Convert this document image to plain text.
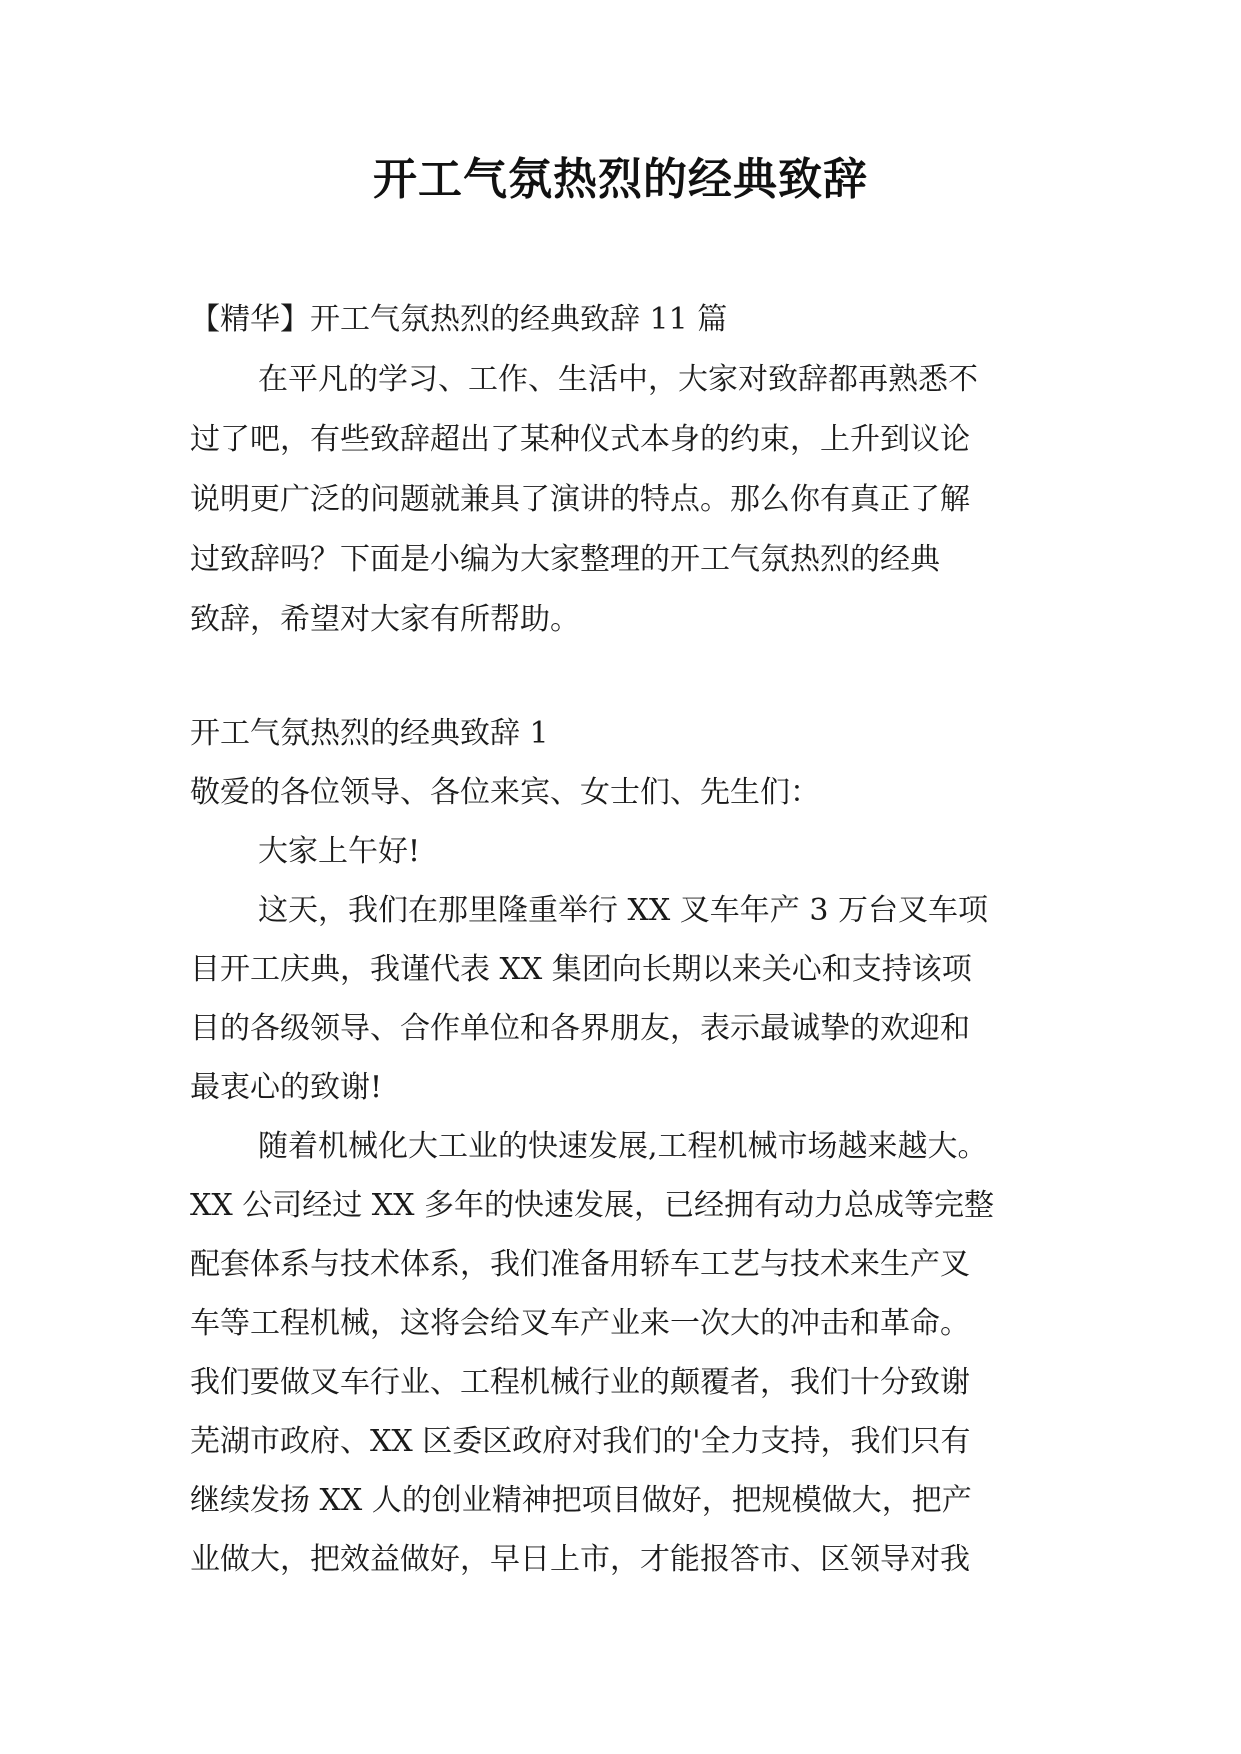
开工气氛热烈的经典致辞
【精华】开工气氛热烈的经典致辞 11 篇
在平凡的学习、工作、生活中，大家对致辞都再熟悉不
过了吧，有些致辞超出了某种仪式本身的约束，上升到议论
说明更广泛的问题就兼具了演讲的特点。那么你有真正了解
过致辞吗？下面是小编为大家整理的开工气氛热烈的经典
致辞，希望对大家有所帮助。
开工气氛热烈的经典致辞 1
敬爱的各位领导、各位来宾、女士们、先生们：
大家上午好!
这天，我们在那里隆重举行 XX 叉车年产 3 万台叉车项
目开工庆典，我谨代表 XX 集团向长期以来关心和支持该项
目的各级领导、合作单位和各界朋友，表示最诚挚的欢迎和
最衷心的致谢!
随着机械化大工业的快速发展,工程机械市场越来越大。
XX 公司经过 XX 多年的快速发展，已经拥有动力总成等完整
配套体系与技术体系，我们准备用轿车工艺与技术来生产叉
车等工程机械，这将会给叉车产业来一次大的冲击和革命。
我们要做叉车行业、工程机械行业的颠覆者，我们十分致谢
芜湖市政府、XX 区委区政府对我们的'全力支持，我们只有
继续发扬 XX 人的创业精神把项目做好，把规模做大，把产
业做大，把效益做好，早日上市，才能报答市、区领导对我
